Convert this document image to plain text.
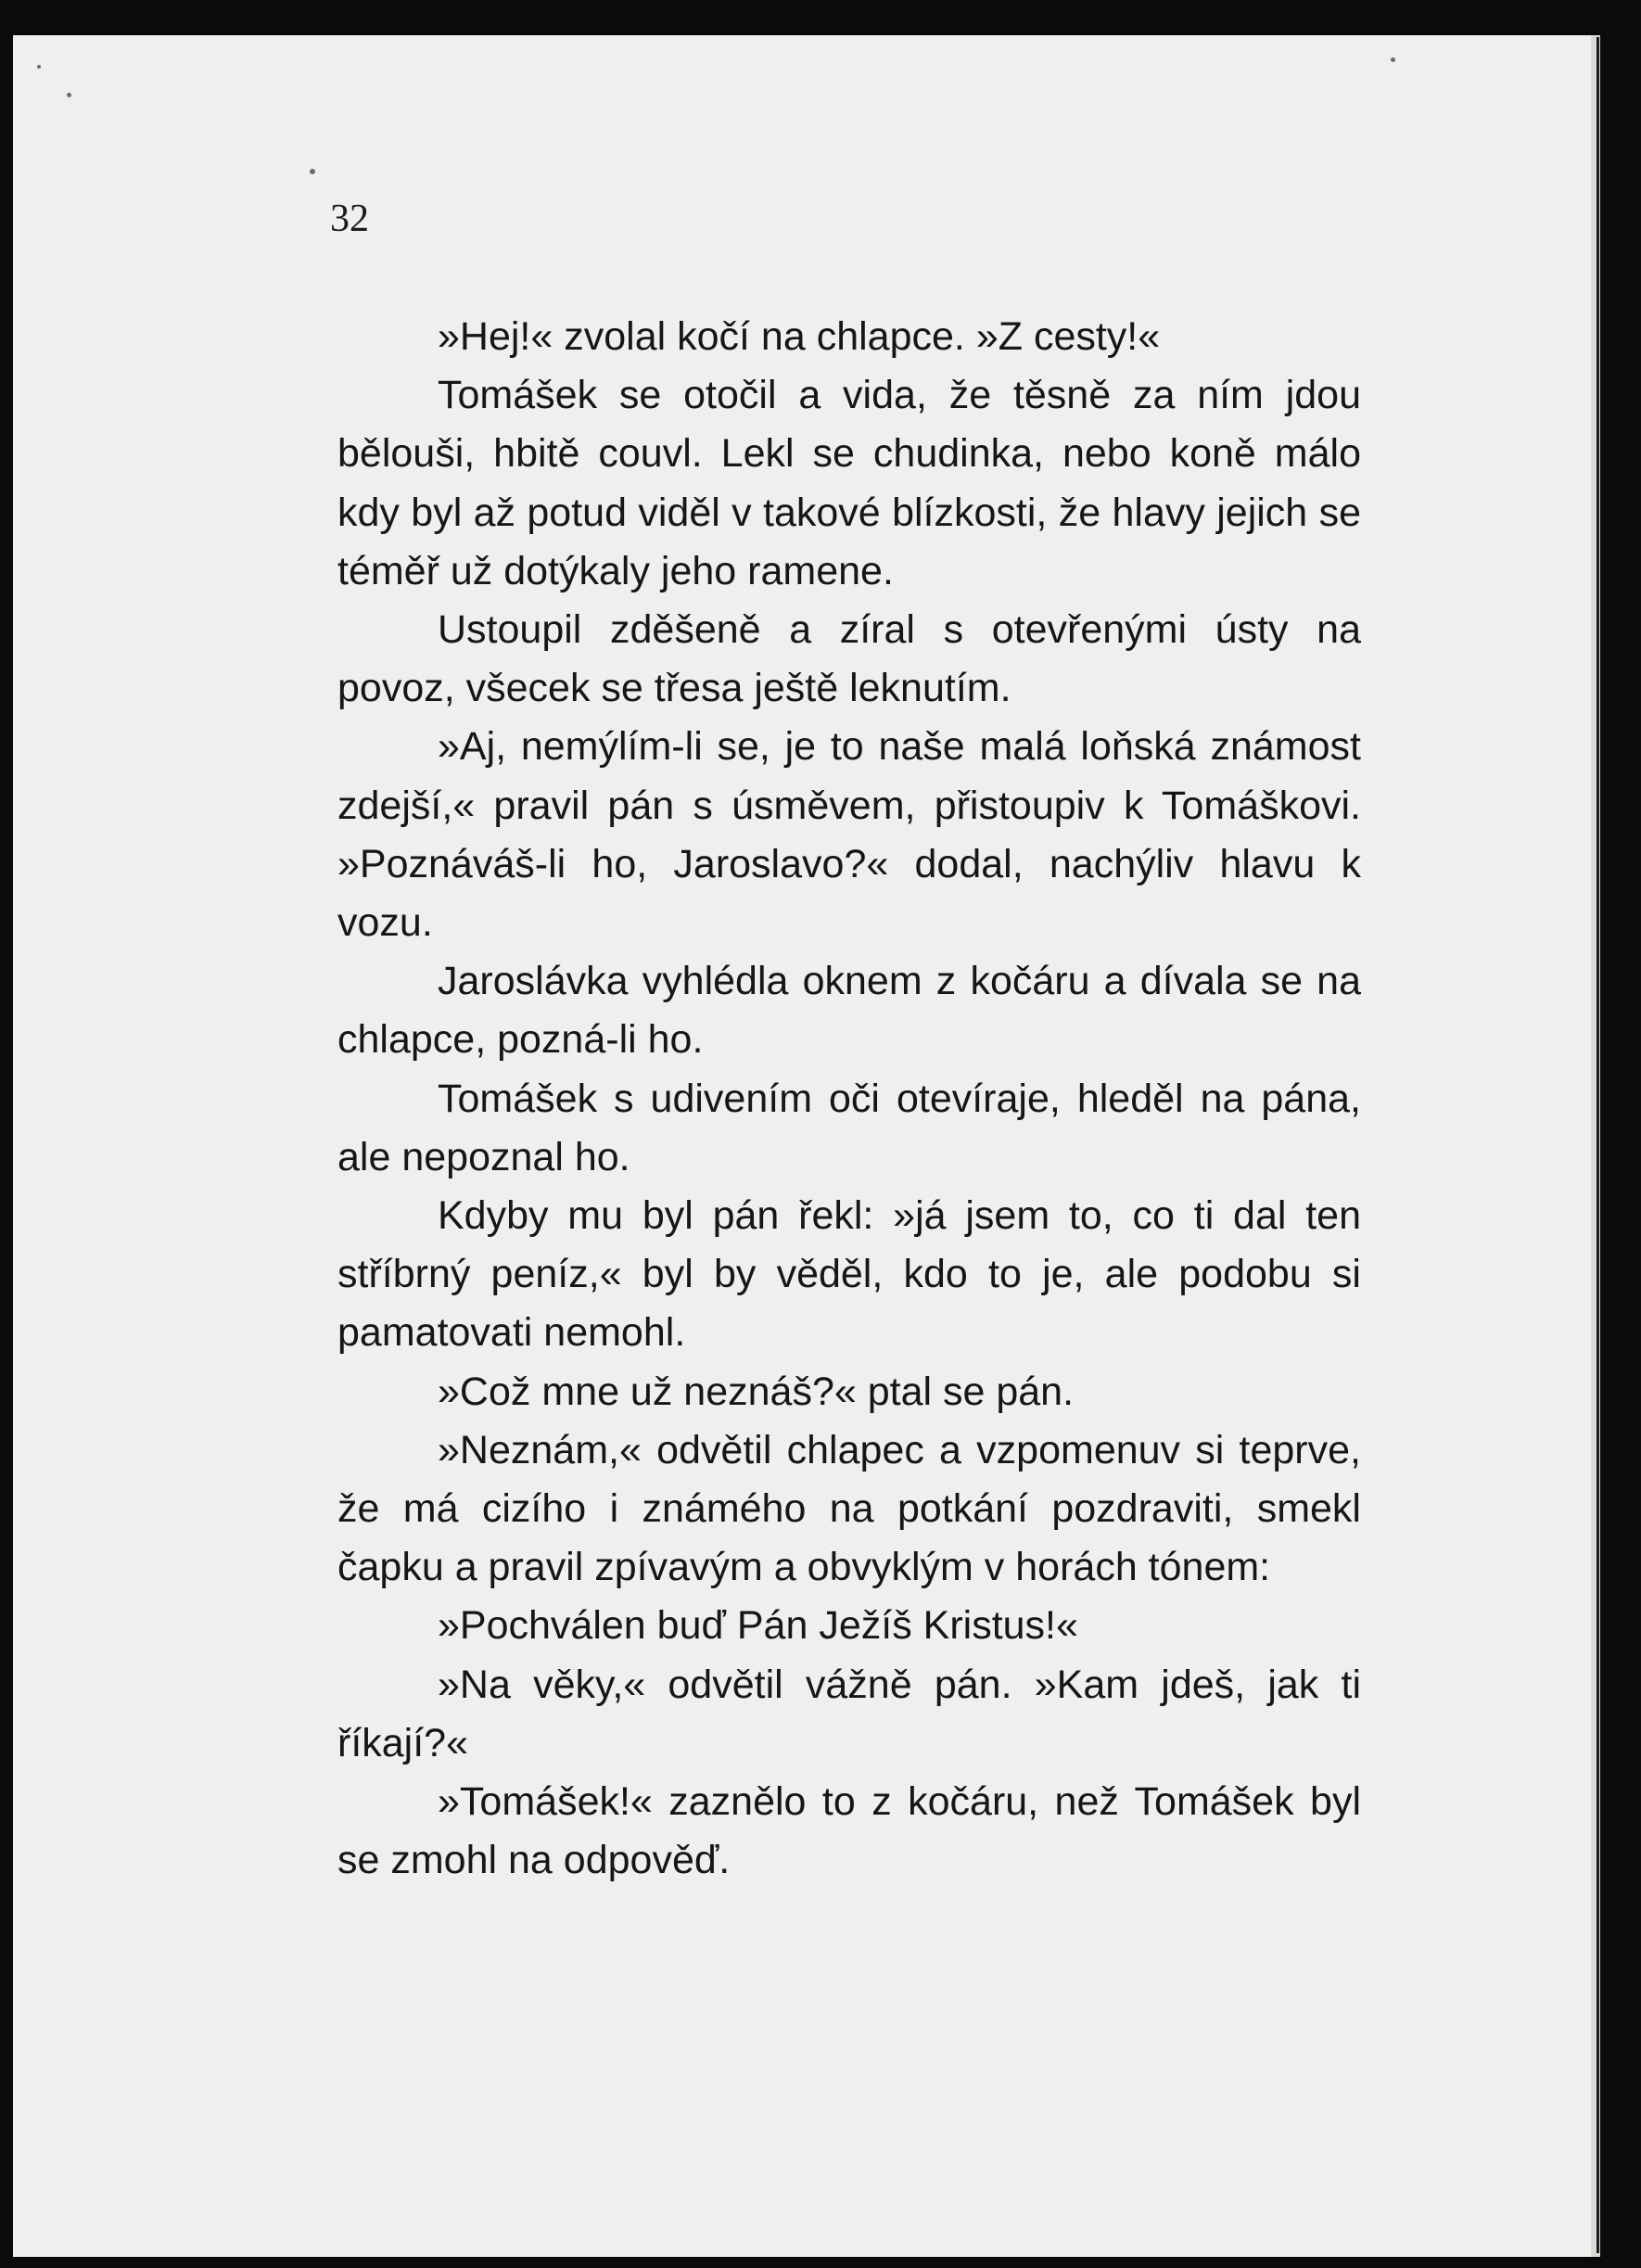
32

»Hej!« zvolal kočí na chlapce. »Z cesty!«

Tomášek se otočil a vida, že těsně za ním jdou bělouši, hbitě couvl. Lekl se chudinka, nebo koně málo kdy byl až potud viděl v takové blízkosti, že hlavy jejich se téměř už dotýkaly jeho ramene.

Ustoupil zděšeně a zíral s otevřenými ústy na povoz, všecek se třesa ještě leknutím.

»Aj, nemýlím-li se, je to naše malá loňská známost zdejší,« pravil pán s úsměvem, přistoupiv k Tomáškovi. »Poznáváš-li ho, Jaroslavo?« dodal, nachýliv hlavu k vozu.

Jaroslávka vyhlédla oknem z kočáru a dívala se na chlapce, pozná-li ho.

Tomášek s udivením oči otevíraje, hleděl na pána, ale nepoznal ho.

Kdyby mu byl pán řekl: »já jsem to, co ti dal ten stříbrný peníz,« byl by věděl, kdo to je, ale podobu si pamatovati nemohl.

»Což mne už neznáš?« ptal se pán.

»Neznám,« odvětil chlapec a vzpomenuv si teprve, že má cizího i známého na potkání pozdraviti, smekl čapku a pravil zpívavým a obvyklým v horách tónem:

»Pochválen buď Pán Ježíš Kristus!«

»Na věky,« odvětil vážně pán. »Kam jdeš, jak ti říkají?«

»Tomášek!« zaznělo to z kočáru, než Tomášek byl se zmohl na odpověď.
